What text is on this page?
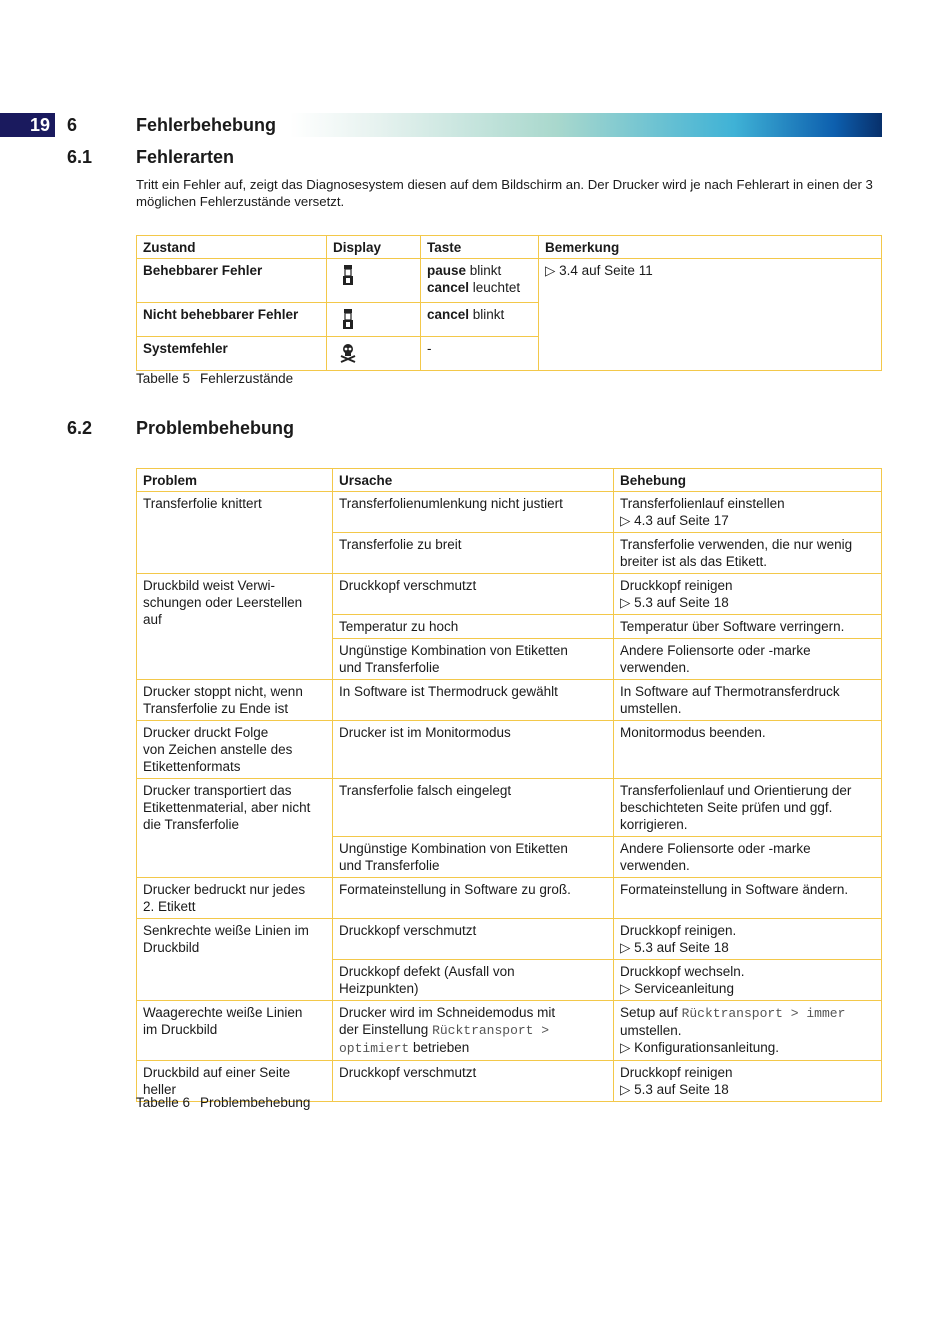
19 6	Fehlerbehebung
6.1 Fehlerarten
Tritt ein Fehler auf, zeigt das Diagnosesystem diesen auf dem Bildschirm an. Der Drucker wird je nach Fehlerart in einen der 3 möglichen Fehlerzustände versetzt.
Zustand	Display	Taste	Bemerkung
Behebbarer Fehler		pause blinkt
cancel leuchtet	▷ 3.4 auf Seite 11
Nicht behebbarer Fehler		cancel blinkt	
Systemfehler		-	
Tabelle 5 Fehlerzustände
6.2 Problembehebung
Problem	Ursache	Behebung
Transferfolie knittert	Transferfolienumlenkung nicht justiert	Transferfolienlauf einstellen
▷ 4.3 auf Seite 17
	Transferfolie zu breit	Transferfolie verwenden, die nur wenig
breiter ist als das Etikett.
Druckbild weist Verwi-
schungen oder Leerstellen
auf	Druckkopf verschmutzt	Druckkopf reinigen
▷ 5.3 auf Seite 18
	Temperatur zu hoch	Temperatur über Software verringern.
	Ungünstige Kombination von Etiketten
und Transferfolie	Andere Foliensorte oder -marke
verwenden.
Drucker stoppt nicht, wenn
Transferfolie zu Ende ist	In Software ist Thermodruck gewählt	In Software auf Thermotransferdruck
umstellen.
Drucker druckt Folge
von Zeichen anstelle des
Etikettenformats	Drucker ist im Monitormodus	Monitormodus beenden.
Drucker transportiert das
Etikettenmaterial, aber nicht
die Transferfolie	Transferfolie falsch eingelegt	Transferfolienlauf und Orientierung der
beschichteten Seite prüfen und ggf.
korrigieren.
	Ungünstige Kombination von Etiketten
und Transferfolie	Andere Foliensorte oder -marke
verwenden.
Drucker bedruckt nur jedes
2. Etikett	Formateinstellung in Software zu groß.	Formateinstellung in Software ändern.
Senkrechte weiße Linien im
Druckbild	Druckkopf verschmutzt	Druckkopf reinigen.
▷ 5.3 auf Seite 18
	Druckkopf defekt (Ausfall von
Heizpunkten)	Druckkopf wechseln.
▷ Serviceanleitung
Waagerechte weiße Linien
im Druckbild	Drucker wird im Schneidemodus mit
der Einstellung Rücktransport >
optimiert betrieben	Setup auf Rücktransport > immer
umstellen.
▷ Konfigurationsanleitung.
Druckbild auf einer Seite
heller	Druckkopf verschmutzt	Druckkopf reinigen
▷ 5.3 auf Seite 18
Tabelle 6 Problembehebung
